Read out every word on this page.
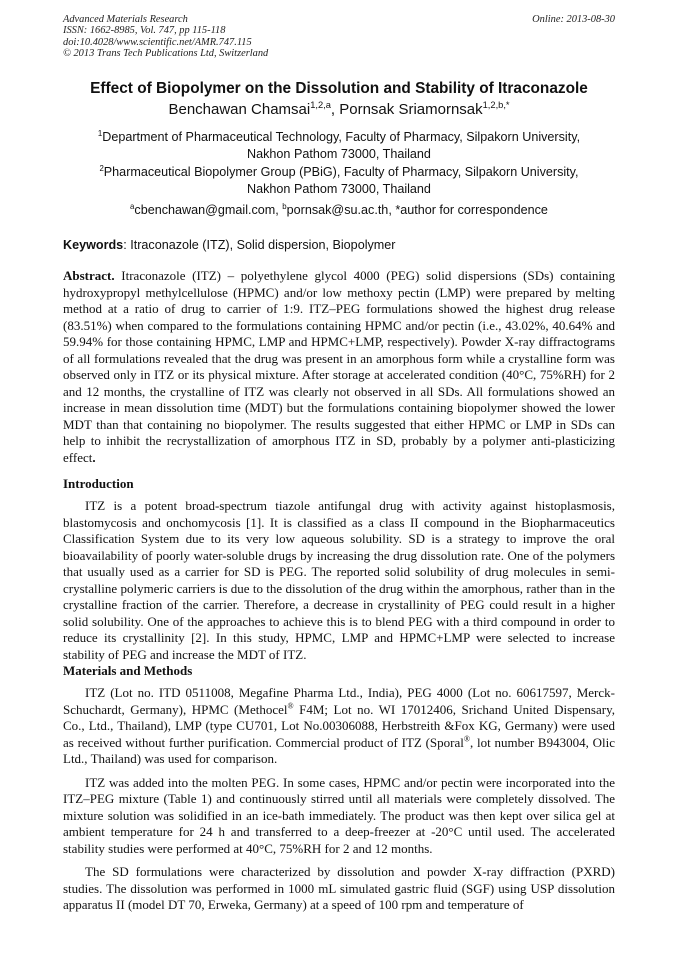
Advanced Materials Research
ISSN: 1662-8985, Vol. 747, pp 115-118
doi:10.4028/www.scientific.net/AMR.747.115
© 2013 Trans Tech Publications Ltd, Switzerland
Online: 2013-08-30
Effect of Biopolymer on the Dissolution and Stability of Itraconazole
Benchawan Chamsai$^{1,2,a}$, Pornsak Sriamornsak$^{1,2,b,*}$
$^1$Department of Pharmaceutical Technology, Faculty of Pharmacy, Silpakorn University,
Nakhon Pathom 73000, Thailand
$^2$Pharmaceutical Biopolymer Group (PBiG), Faculty of Pharmacy, Silpakorn University,
Nakhon Pathom 73000, Thailand
$^a$cbenchawan@gmail.com, $^b$pornsak@su.ac.th, *author for correspondence
Keywords: Itraconazole (ITZ), Solid dispersion, Biopolymer

Abstract. Itraconazole (ITZ) – polyethylene glycol 4000 (PEG) solid dispersions (SDs) containing hydroxypropyl methylcellulose (HPMC) and/or low methoxy pectin (LMP) were prepared by melting method at a ratio of drug to carrier of 1:9. ITZ–PEG formulations showed the highest drug release (83.51%) when compared to the formulations containing HPMC and/or pectin (i.e., 43.02%, 40.64% and 59.94% for those containing HPMC, LMP and HPMC+LMP, respectively). Powder X-ray diffractograms of all formulations revealed that the drug was present in an amorphous form while a crystalline form was observed only in ITZ or its physical mixture. After storage at accelerated condition (40°C, 75%RH) for 2 and 12 months, the crystalline of ITZ was clearly not observed in all SDs. All formulations showed an increase in mean dissolution time (MDT) but the formulations containing biopolymer showed the lower MDT than that containing no biopolymer. The results suggested that either HPMC or LMP in SDs can help to inhibit the recrystallization of amorphous ITZ in SD, probably by a polymer anti-plasticizing effect.

Introduction

ITZ is a potent broad-spectrum tiazole antifungal drug with activity against histoplasmosis, blastomycosis and onchomycosis [1]. It is classified as a class II compound in the Biopharmaceutics Classification System due to its very low aqueous solubility. SD is a strategy to improve the oral bioavailability of poorly water-soluble drugs by increasing the drug dissolution rate. One of the polymers that usually used as a carrier for SD is PEG. The reported solid solubility of drug molecules in semi-crystalline polymeric carriers is due to the dissolution of the drug within the amorphous, rather than in the crystalline fraction of the carrier. Therefore, a decrease in crystallinity of PEG could result in a higher solid solubility. One of the approaches to achieve this is to blend PEG with a third compound in order to reduce its crystallinity [2]. In this study, HPMC, LMP and HPMC+LMP were selected to increase stability of PEG and increase the MDT of ITZ.

Materials and Methods

ITZ (Lot no. ITD 0511008, Megafine Pharma Ltd., India), PEG 4000 (Lot no. 60617597, Merck-Schuchardt, Germany), HPMC (Methocel® F4M; Lot no. WI 17012406, Srichand United Dispensary, Co., Ltd., Thailand), LMP (type CU701, Lot No.00306088, Herbstreith &Fox KG, Germany) were used as received without further purification. Commercial product of ITZ (Sporal®, lot number B943004, Olic Ltd., Thailand) was used for comparison.

ITZ was added into the molten PEG. In some cases, HPMC and/or pectin were incorporated into the ITZ–PEG mixture (Table 1) and continuously stirred until all materials were completely dissolved. The mixture solution was solidified in an ice-bath immediately. The product was then kept over silica gel at ambient temperature for 24 h and transferred to a deep-freezer at -20°C until used. The accelerated stability studies were performed at 40°C, 75%RH for 2 and 12 months.

The SD formulations were characterized by dissolution and powder X-ray diffraction (PXRD) studies. The dissolution was performed in 1000 mL simulated gastric fluid (SGF) using USP dissolution apparatus II (model DT 70, Erweka, Germany) at a speed of 100 rpm and temperature of
